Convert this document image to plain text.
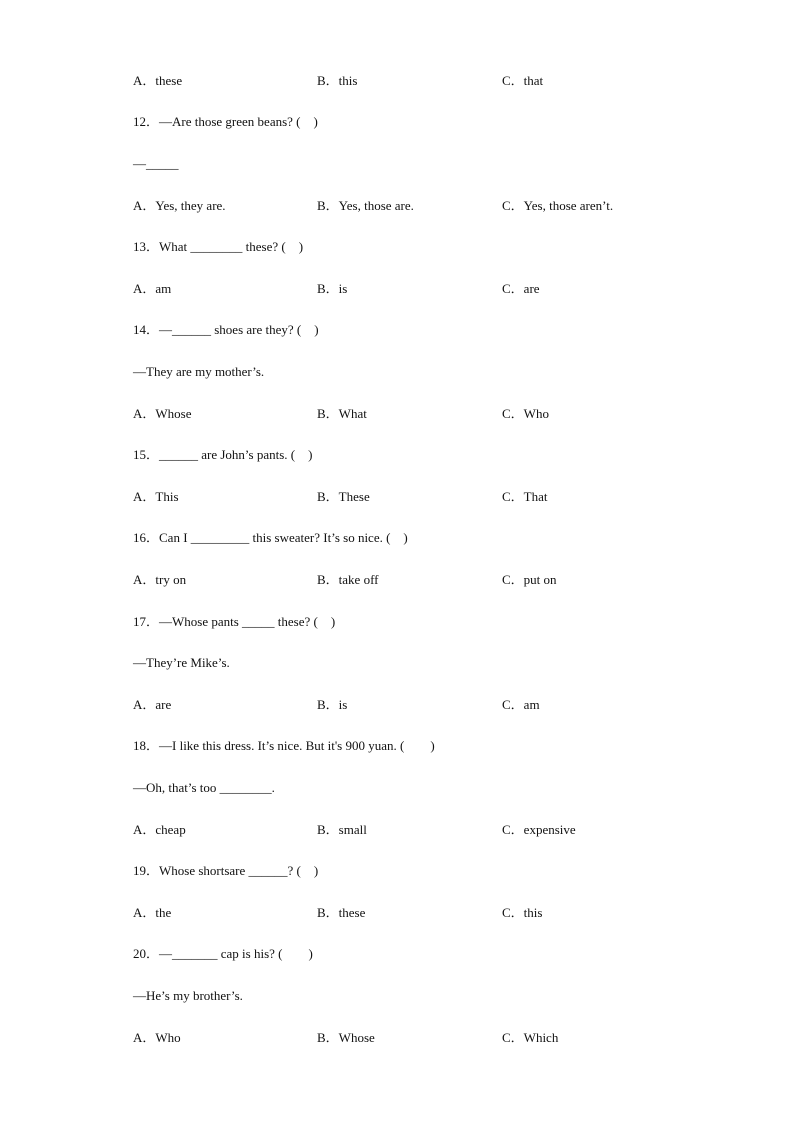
A．these	B．this	C．that
12．—Are those green beans? (　)
—_____
A．Yes, they are.	B．Yes, those are.	C．Yes, those aren’t.
13．What ________ these? (　)
A．am	B．is	C．are
14．—______ shoes are they? (　)
—They are my mother’s.
A．Whose	B．What	C．Who
15．______ are John’s pants. (　)
A．This	B．These	C．That
16．Can I _________ this sweater? It’s so nice. (　)
A．try on	B．take off	C．put on
17．—Whose pants _____ these? (　)
—They’re Mike’s.
A．are	B．is	C．am
18．—I like this dress. It’s nice. But it's 900 yuan. (　　)
—Oh, that’s too ________.
A．cheap	B．small	C．expensive
19．Whose shortsare ______? (　)
A．the	B．these	C．this
20．—_______ cap is his? (　　)
—He’s my brother’s.
A．Who	B．Whose	C．Which
